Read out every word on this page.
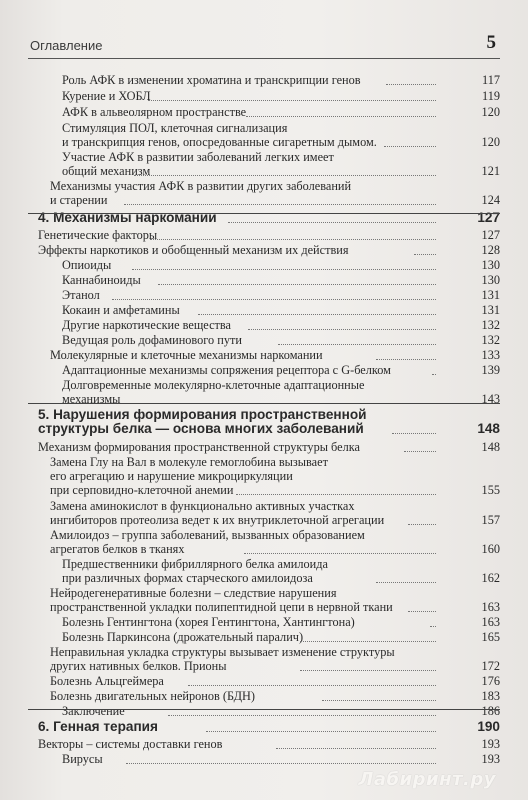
Оглавление	5
Роль АФК в изменении хроматина и транскрипции генов	117
Курение и ХОБЛ	119
АФК в альвеолярном пространстве	120
Стимуляция ПОЛ, клеточная сигнализация
и транскрипция генов, опосредованные сигаретным дымом.	120
Участие АФК в развитии заболеваний легких имеет
общий механизм	121
Механизмы участия АФК в развитии других заболеваний
и старении	124
4. Механизмы наркомании	127
Генетические факторы	127
Эффекты наркотиков и обобщенный механизм их действия	128
Опиоиды	130
Каннабиноиды	130
Этанол	131
Кокаин и амфетамины	131
Другие наркотические вещества	132
Ведущая роль дофаминового пути	132
Молекулярные и клеточные механизмы наркомании	133
Адаптационные механизмы сопряжения рецептора с G-белком	139
Долговременные молекулярно-клеточные адаптационные
механизмы	143
5. Нарушения формирования пространственной
структуры белка — основа многих заболеваний	148
Механизм формирования пространственной структуры белка	148
Замена Глу на Вал в молекуле гемоглобина вызывает
его агрегацию и нарушение микроциркуляции
при серповидно-клеточной анемии	155
Замена аминокислот в функционально активных участках
ингибиторов протеолиза ведет к их внутриклеточной агрегации	157
Амилоидоз – группа заболеваний, вызванных образованием
агрегатов белков в тканях	160
Предшественники фибриллярного белка амилоида
при различных формах старческого амилоидоза	162
Нейродегенеративные болезни – следствие нарушения
пространственной укладки полипептидной цепи в нервной ткани	163
Болезнь Гентингтона (хорея Гентингтона, Хантингтона)	163
Болезнь Паркинсона (дрожательный паралич)	165
Неправильная укладка структуры вызывает изменение структуры
других нативных белков. Прионы	172
Болезнь Альцгеймера	176
Болезнь двигательных нейронов (БДН)	183
Заключение	186
6. Генная терапия	190
Векторы – системы доставки генов	193
Вирусы	193
Лабиринт.ру
